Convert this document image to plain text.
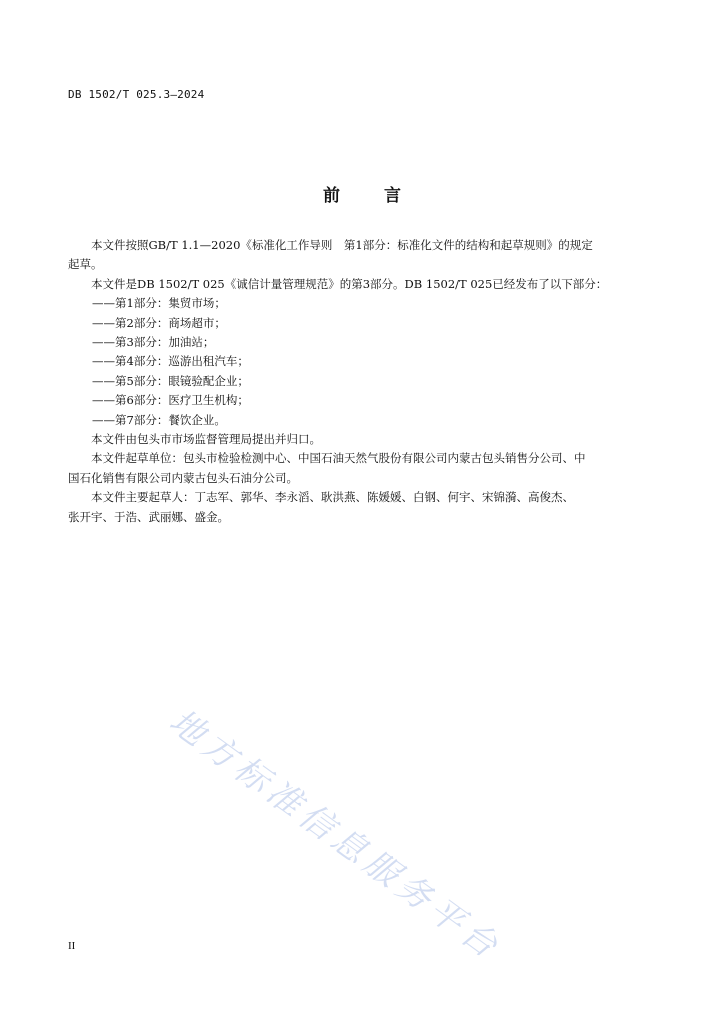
DB 1502/T 025.3—2024
前	言

本文件按照GB/T 1.1—2020《标准化工作导则　第1部分：标准化文件的结构和起草规则》的规定

起草。

本文件是DB 1502/T 025《诚信计量管理规范》的第3部分。DB 1502/T 025已经发布了以下部分：

——第1部分：集贸市场；

——第2部分：商场超市；

——第3部分：加油站；

——第4部分：巡游出租汽车；

——第5部分：眼镜验配企业；

——第6部分：医疗卫生机构；

——第7部分：餐饮企业。

本文件由包头市市场监督管理局提出并归口。

本文件起草单位：包头市检验检测中心、中国石油天然气股份有限公司内蒙古包头销售分公司、中

国石化销售有限公司内蒙古包头石油分公司。

本文件主要起草人：丁志军、郭华、李永滔、耿洪燕、陈媛媛、白钢、何宇、宋锦漪、高俊杰、

张开宇、于浩、武丽娜、盛金。

地方标准信息服务平台
II
